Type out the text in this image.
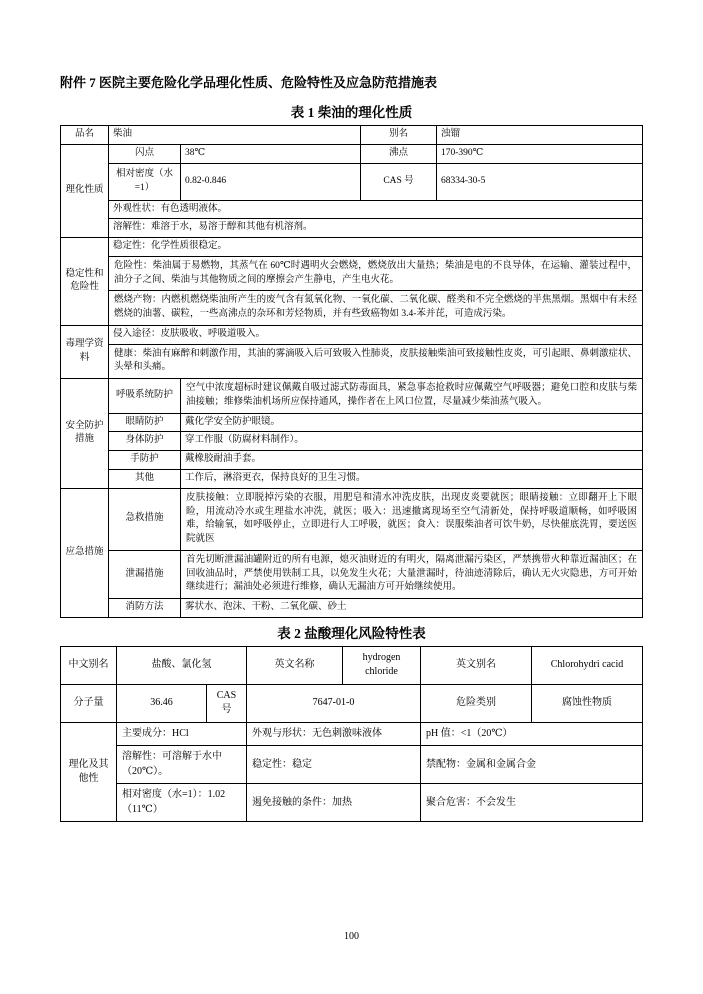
附件 7 医院主要危险化学品理化性质、危险特性及应急防范措施表
表 1 柴油的理化性质
品名	柴油		别名	浊镏
理化性质	闪点	38℃	沸点	170-390℃
	相对密度（水=1）	0.82-0.846	CAS 号	68334-30-5
	外观性状：有色透明液体。			
	溶解性：难溶于水，易溶于醇和其他有机溶剂。			
稳定性和危险性	稳定性：化学性质很稳定。			
	危险性：柴油属于易燃物，其蒸气在 60℃时遇明火会燃烧，燃烧放出大量热；柴油是电的不良导体，在运输、灌装过程中，油分子之间、柴油与其他物质之间的摩擦会产生静电，产生电火花。			
	燃烧产物：内燃机燃烧柴油所产生的废气含有氮氧化物、一氧化碳、二氧化碳、醛类和不完全燃烧的半焦黑烟。黑烟中有未经燃烧的油薯、碳粒，一些高沸点的杂环和芳烃物质，并有些致癌物如 3.4-苯并芘，可造成污染。			
毒理学资料	侵入途径：皮肤吸收、呼吸道吸入。			
	健康：柴油有麻醉和刺激作用，其油的雾滴吸入后可致吸入性肺炎，皮肤接触柴油可致接触性皮炎，可引起眼、鼻刺激症状、头晕和头痛。			
安全防护措施	呼吸系统防护	空气中浓度超标时建议佩戴自吸过滤式防毒面具，紧急事态抢救时应佩戴空气呼吸器；避免口腔和皮肤与柴油接触；维修柴油机场所应保持通风，操作者在上风口位置，尽量减少柴油蒸气吸入。		
	眼睛防护	戴化学安全防护眼镜。		
	身体防护	穿工作服（防腐材料制作）。		
	手防护	戴橡胶耐油手套。		
	其他	工作后，淋浴更衣，保持良好的卫生习惯。		
应急措施	急救措施	皮肤接触：立即脱掉污染的衣服，用肥皂和清水冲洗皮肤，出现皮炎要就医；眼睛接触：立即翻开上下眼睑，用流动冷水或生理盐水冲洗，就医；吸入：迅速撤离现场至空气清新处，保持呼吸道顺畅，如呼吸困难，给输氧，如呼吸停止，立即进行人工呼吸，就医；食入：误服柴油者可饮牛奶，尽快催底洗胃，要送医院就医		
	泄漏措施	首先切断泄漏油罐附近的所有电源，熄灭油财近的有明火，隔离泄漏污染区，严禁携带火种靠近漏油区；在回收油品时，严禁使用铁制工具，以免发生火花；大量泄漏时，待油迹清除后，确认无火灾隐患，方可开始继续进行；漏油处必须进行维修，确认无漏油方可开始继续使用。		
	消防方法	雾状水、泡沫、干粉、二氧化碳、砂土		
表 2 盐酸理化风险特性表
中文别名	盐酸、氯化氢		英文名称	hydrogen chloride	英文别名	Chlorohydri cacid
分子量	36.46	CAS 号	7647-01-0		危险类别	腐蚀性物质
理化及其他性	主要成分：HCl		外观与形状：无色刺激味液体		pH 值：<1（20℃）	
	溶解性：可溶解于水中（20℃）。		稳定性：稳定		禁配物：金属和金属合金	
	相对密度（水=1）：1.02（11℃）		遏免接触的条件：加热		聚合危害：不会发生	
100
